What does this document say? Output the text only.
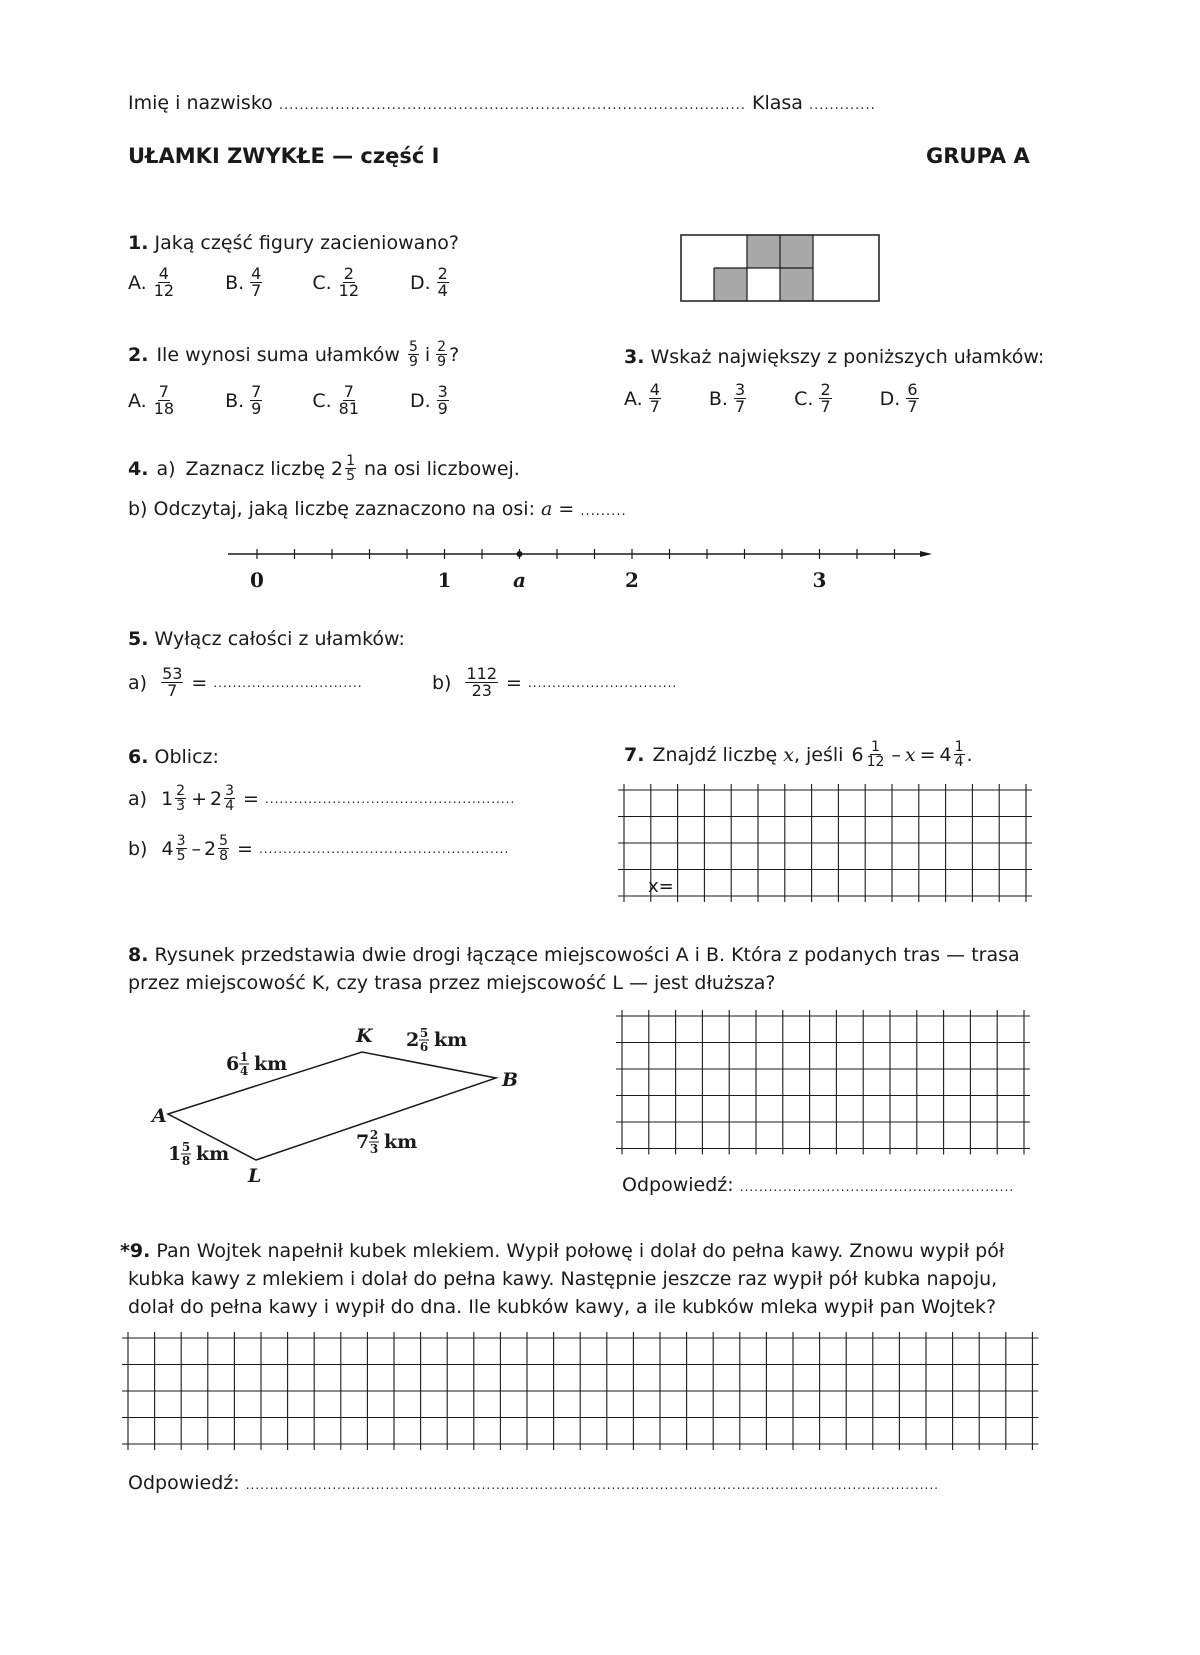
Imię i nazwisko ........................................................................................... Klasa .............
UŁAMKI ZWYKŁE — część I	GRUPA A
1. Jaką część figury zacieniowano?
A. $\frac{4}{12}$	B. $\frac{4}{7}$	C. $\frac{2}{12}$	D. $\frac{2}{4}$
2. Ile wynosi suma ułamków $\frac{5}{9}$ i $\frac{2}{9}$ ?
A. $\frac{7}{18}$	B. $\frac{7}{9}$	C. $\frac{7}{81}$	D. $\frac{3}{9}$
3. Wskaż największy z poniższych ułamków:
A. $\frac{4}{7}$	B. $\frac{3}{7}$	C. $\frac{2}{7}$	D. $\frac{6}{7}$
4. a) Zaznacz liczbę $2 \frac{1}{5}$ na osi liczbowej.
b) Odczytaj, jaką liczbę zaznaczono na osi: a = .........
0	1	a	2	3
5. Wyłącz całości z ułamków:
$a) \frac{53}{7}$ = ...............................	$b) \frac{112}{23}$ = ...............................
6. Oblicz:
a) $1 \frac{2}{3} + 2 \frac{3}{4}$ = ....................................................
b) $4 \frac{3}{5} - 2 \frac{5}{8}$ = ....................................................
7. Znajdź liczbę x , jeśli $6 \frac{1}{12} - x = 4 \frac{1}{4}$ .
x=
8. Rysunek przedstawia dwie drogi łączące miejscowości A i B. Która z podanych tras — trasa
przez miejscowość K, czy trasa przez miejscowość L — jest dłuższa?
A
B
K
L
6 1
4 km
2 5
6 km
1 5
8 km
7 2
3 km
Odpowiedź: .........................................................
*9. Pan Wojtek napełnił kubek mlekiem. Wypił połowę i dolał do pełna kawy. Znowu wypił pół
kubka kawy z mlekiem i dolał do pełna kawy. Następnie jeszcze raz wypił pół kubka napoju,
dolał do pełna kawy i wypił do dna. Ile kubków kawy, a ile kubków mleka wypił pan Wojtek?
Odpowiedź: ................................................................................................................................................
